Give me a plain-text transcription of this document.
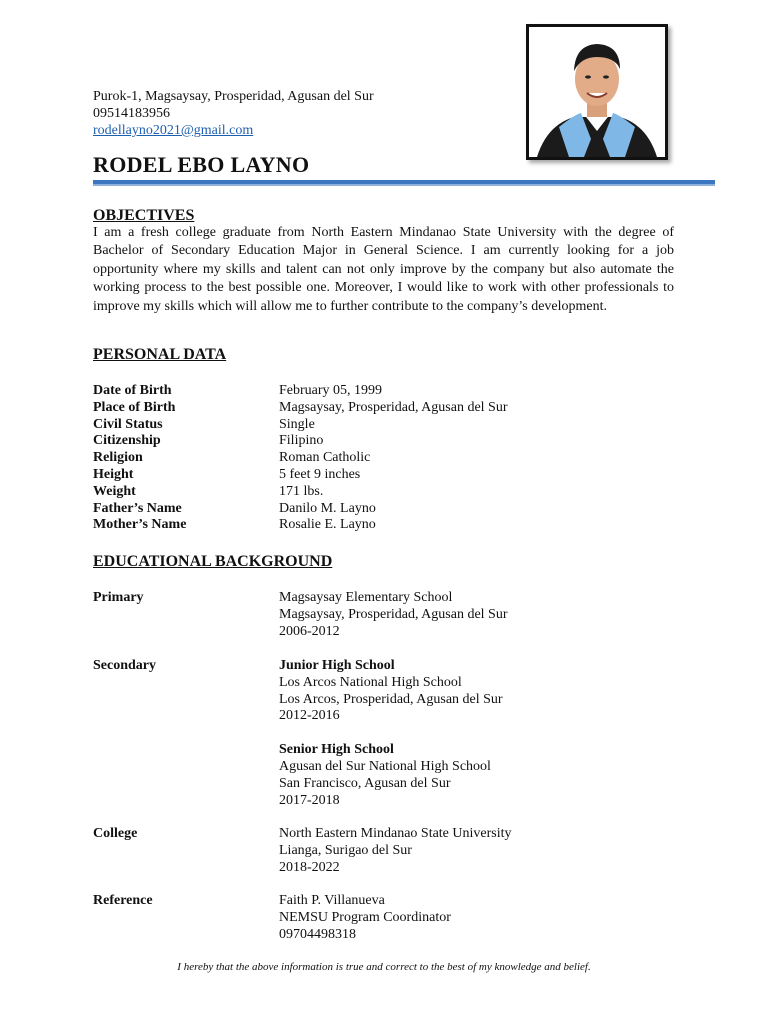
Purok-1, Magsaysay, Prosperidad, Agusan del Sur
09514183956
rodellayno2021@gmail.com
RODEL EBO LAYNO
OBJECTIVES
I am a fresh college graduate from North Eastern Mindanao State University with the degree of Bachelor of Secondary Education Major in General Science. I am currently looking for a job opportunity where my skills and talent can not only improve by the company but also automate the working process to the best possible one. Moreover, I would like to work with other professionals to improve my skills which will allow me to further contribute to the company’s development.
PERSONAL DATA
Date of Birth	February 05, 1999
Place of Birth	Magsaysay, Prosperidad, Agusan del Sur
Civil Status	Single
Citizenship	Filipino
Religion	Roman Catholic
Height	5 feet 9 inches
Weight	171 lbs.
Father’s Name	Danilo M. Layno
Mother’s Name	Rosalie E. Layno
EDUCATIONAL BACKGROUND
Primary	Magsaysay Elementary School
Magsaysay, Prosperidad, Agusan del Sur
2006-2012
Secondary	Junior High School
Los Arcos National High School
Los Arcos, Prosperidad, Agusan del Sur
2012-2016
Senior High School
Agusan del Sur National High School
San Francisco, Agusan del Sur
2017-2018
College	North Eastern Mindanao State University
Lianga, Surigao del Sur
2018-2022
Reference	Faith P. Villanueva
NEMSU Program Coordinator
09704498318
I hereby that the above information is true and correct to the best of my knowledge and belief.
